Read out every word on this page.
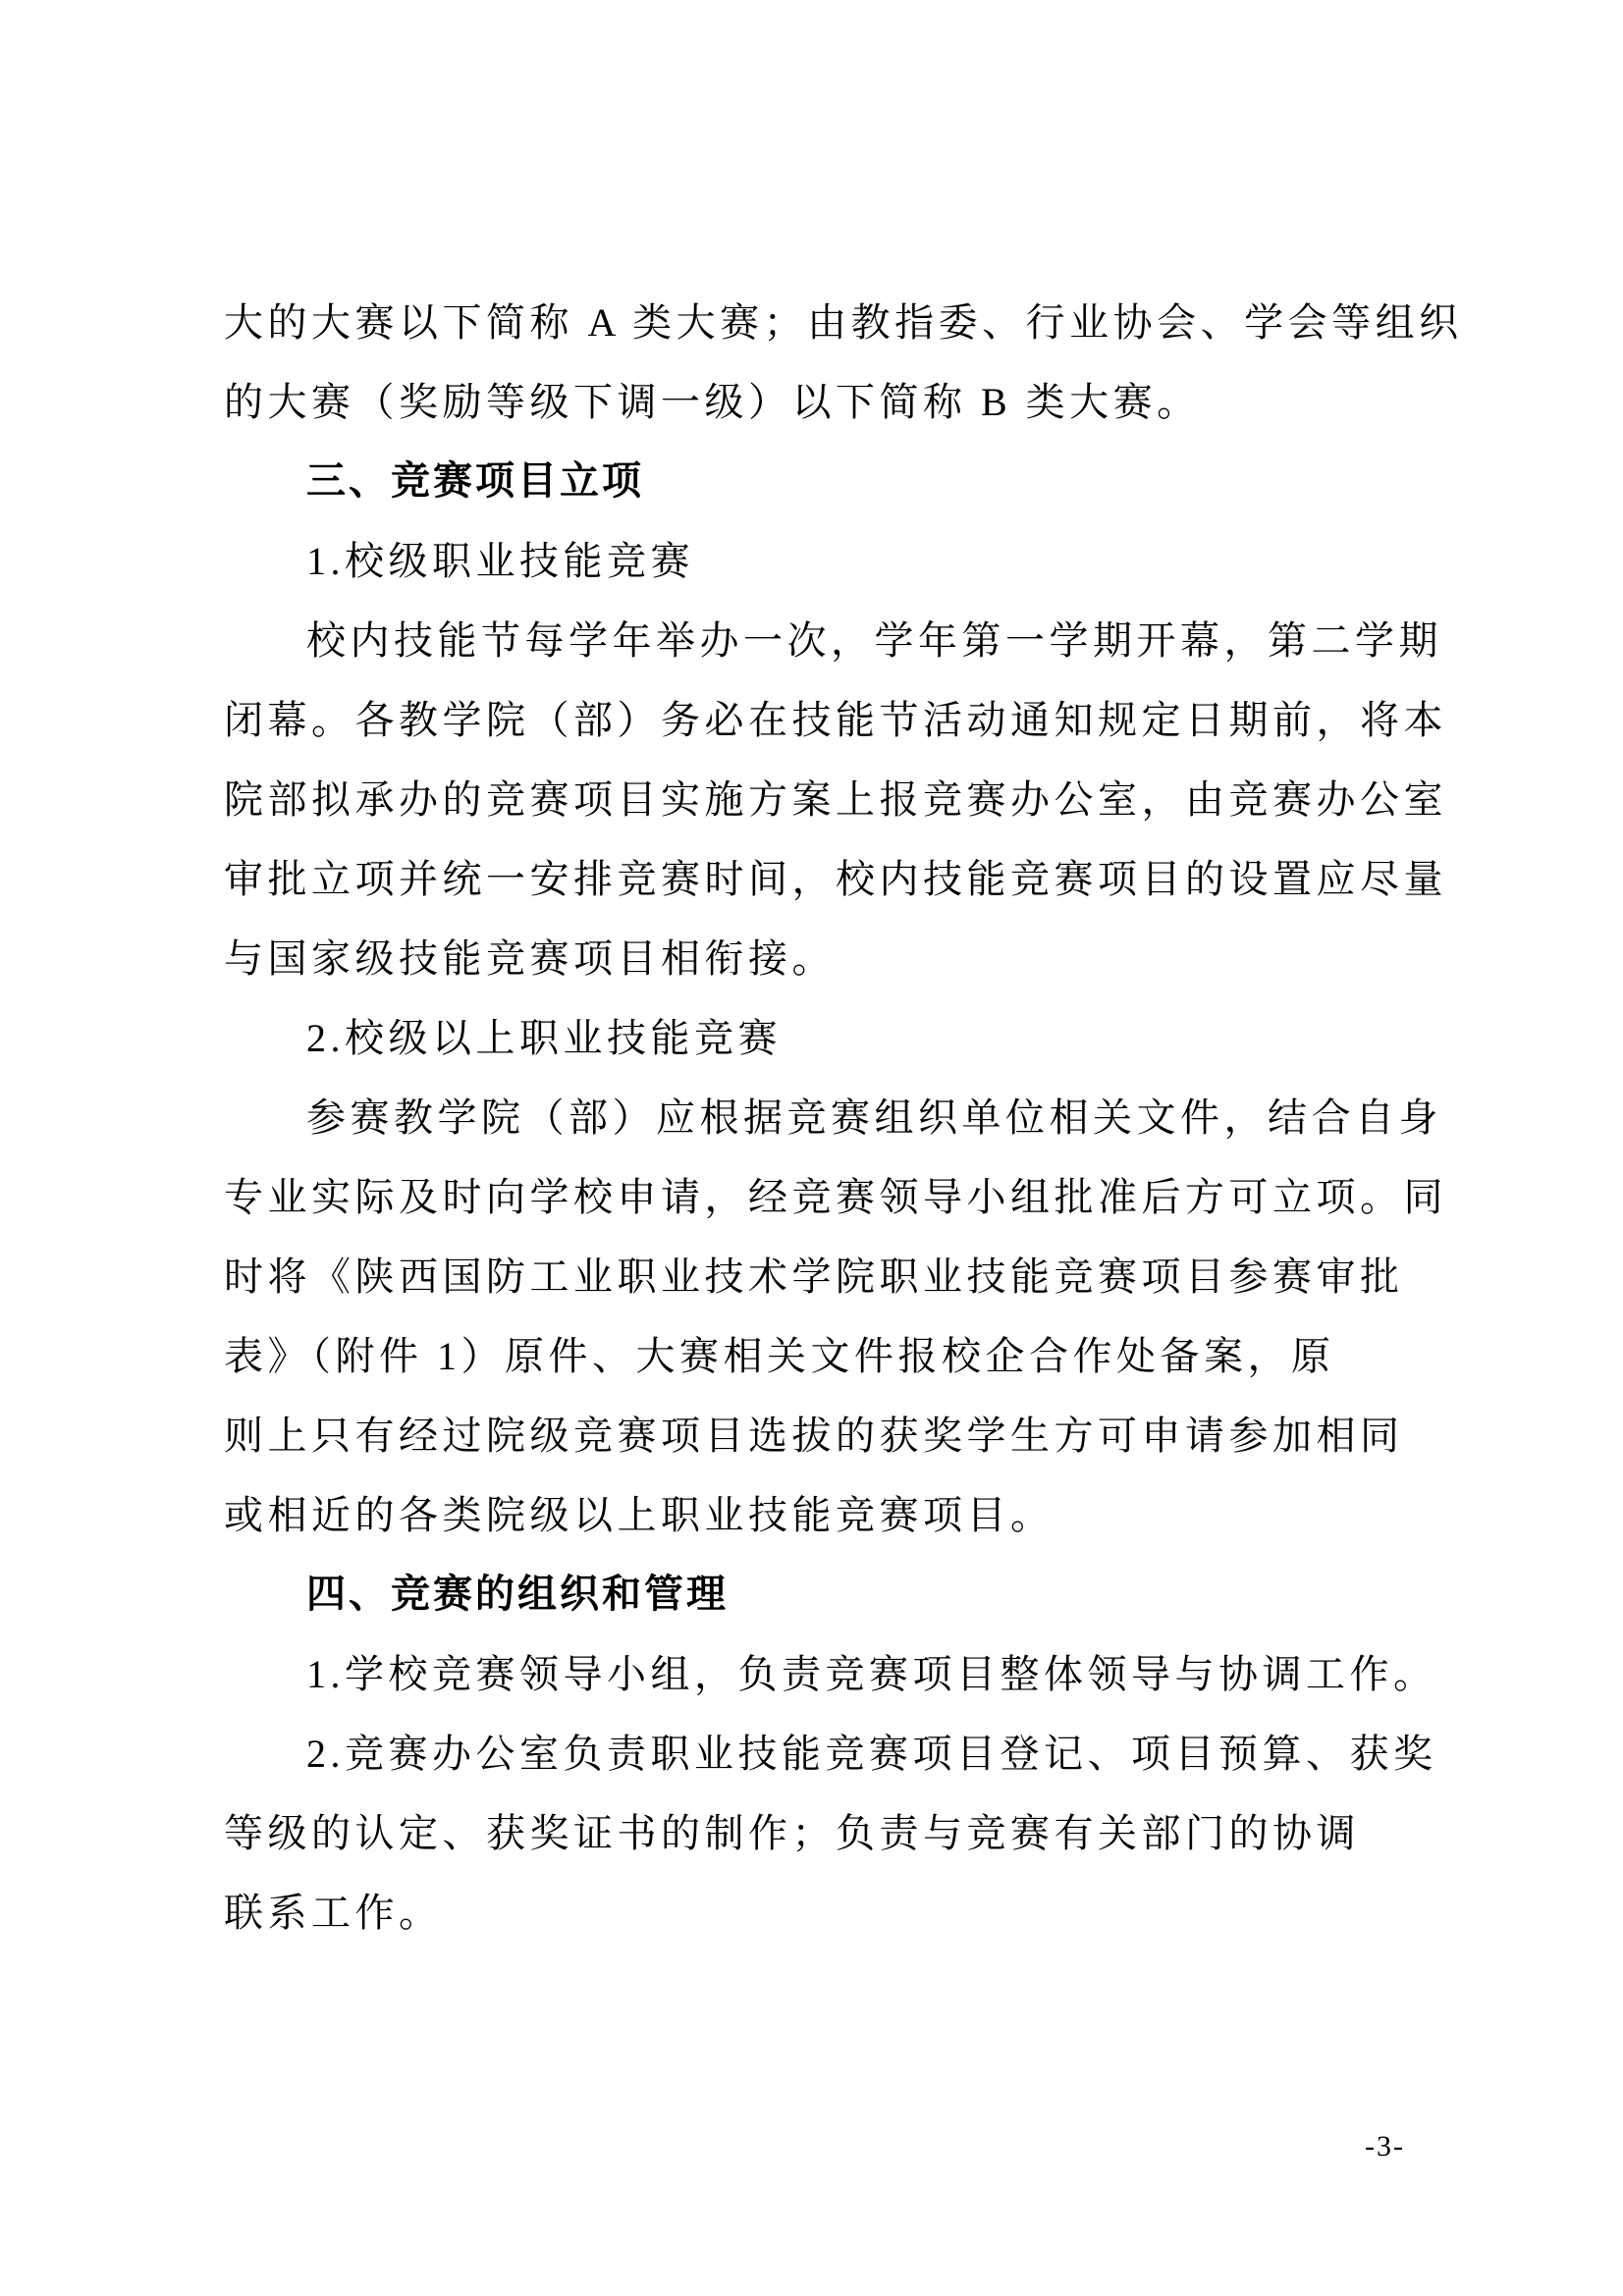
大的大赛以下简称 A 类大赛；由教指委、行业协会、学会等组织
的大赛（奖励等级下调一级）以下简称 B 类大赛。
三、竞赛项目立项
1.校级职业技能竞赛
校内技能节每学年举办一次，学年第一学期开幕，第二学期
闭幕。各教学院（部）务必在技能节活动通知规定日期前，将本
院部拟承办的竞赛项目实施方案上报竞赛办公室，由竞赛办公室
审批立项并统一安排竞赛时间，校内技能竞赛项目的设置应尽量
与国家级技能竞赛项目相衔接。
2.校级以上职业技能竞赛
参赛教学院（部）应根据竞赛组织单位相关文件，结合自身
专业实际及时向学校申请，经竞赛领导小组批准后方可立项。同
时将《陕西国防工业职业技术学院职业技能竞赛项目参赛审批
表》（附件 1）原件、大赛相关文件报校企合作处备案，原
则上只有经过院级竞赛项目选拔的获奖学生方可申请参加相同
或相近的各类院级以上职业技能竞赛项目。
四、竞赛的组织和管理
1.学校竞赛领导小组，负责竞赛项目整体领导与协调工作。
2.竞赛办公室负责职业技能竞赛项目登记、项目预算、获奖
等级的认定、获奖证书的制作；负责与竞赛有关部门的协调
联系工作。
-3-
